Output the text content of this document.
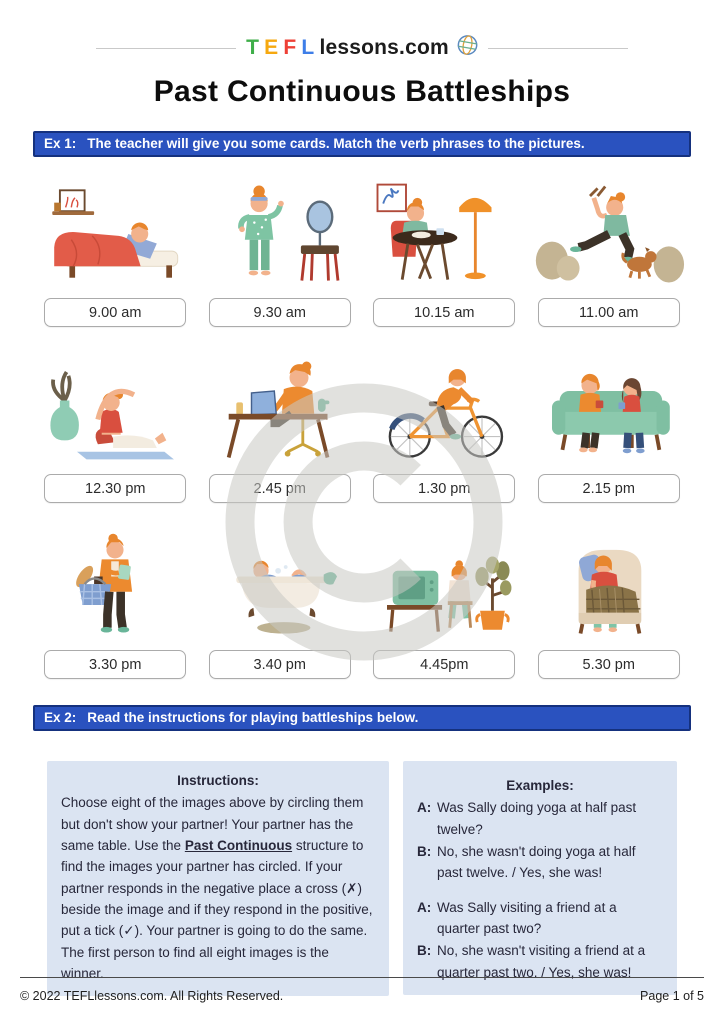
T E F L lessons.com
Past Continuous Battleships
Ex 1: The teacher will give you some cards. Match the verb phrases to the pictures.
9.00 am	9.30 am	10.15 am	11.00 am
12.30 pm	2.45 pm	1.30 pm	2.15 pm
3.30 pm	3.40 pm	4.45pm	5.30 pm
Ex 2: Read the instructions for playing battleships below.
Instructions:
Choose eight of the images above by circling them but don't show your partner! Your partner has the same table. Use the Past Continuous structure to find the images your partner has circled. If your partner responds in the negative place a cross (✗) beside the image and if they respond in the positive, put a tick (✓). Your partner is going to do the same. The first person to find all eight images is the winner.
Examples:
A: Was Sally doing yoga at half past twelve?
B: No, she wasn't doing yoga at half past twelve. / Yes, she was!
A: Was Sally visiting a friend at a quarter past two?
B: No, she wasn't visiting a friend at a quarter past two. / Yes, she was!
© 2022 TEFLlessons.com. All Rights Reserved.	Page 1 of 5
